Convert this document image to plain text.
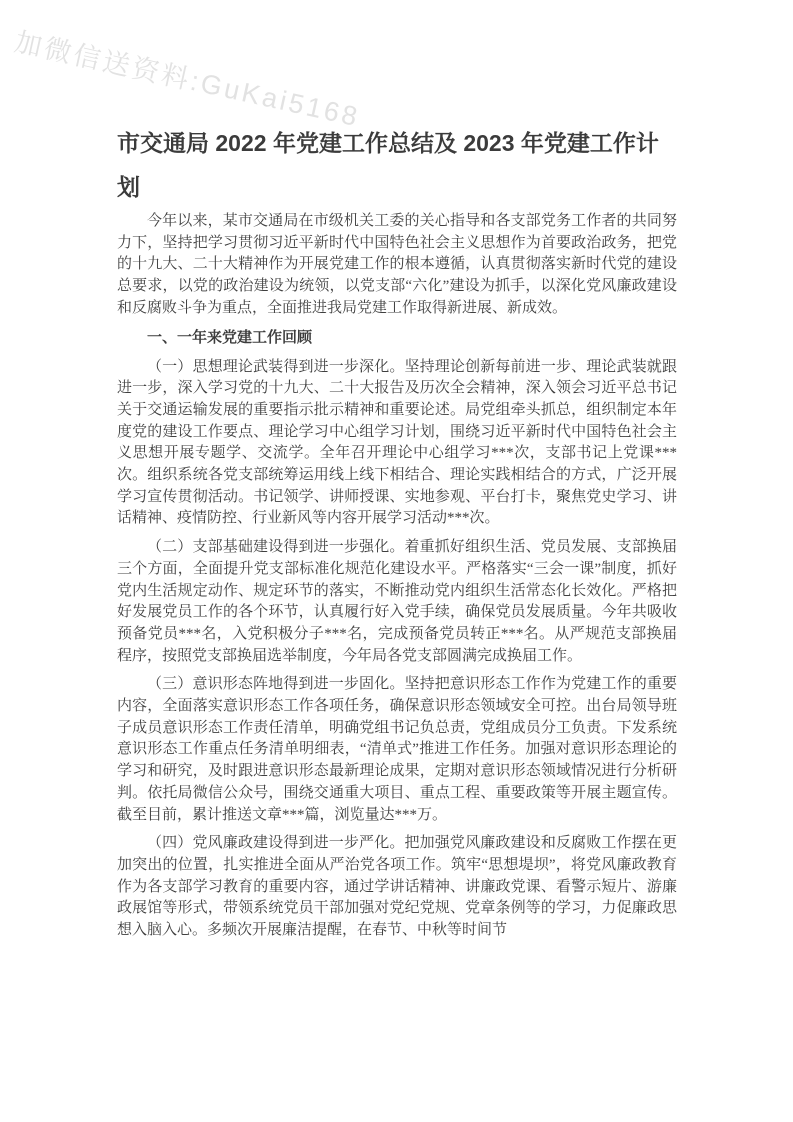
加微信送资料:GuKai5168
市交通局 2022 年党建工作总结及 2023 年党建工作计划

今年以来，某市交通局在市级机关工委的关心指导和各支部党务工作者的共同努力下，坚持把学习贯彻习近平新时代中国特色社会主义思想作为首要政治政务，把党的十九大、二十大精神作为开展党建工作的根本遵循，认真贯彻落实新时代党的建设总要求，以党的政治建设为统领，以党支部“六化”建设为抓手，以深化党风廉政建设和反腐败斗争为重点，全面推进我局党建工作取得新进展、新成效。

一、一年来党建工作回顾

（一）思想理论武装得到进一步深化。坚持理论创新每前进一步、理论武装就跟进一步，深入学习党的十九大、二十大报告及历次全会精神，深入领会习近平总书记关于交通运输发展的重要指示批示精神和重要论述。局党组牵头抓总，组织制定本年度党的建设工作要点、理论学习中心组学习计划，围绕习近平新时代中国特色社会主义思想开展专题学、交流学。全年召开理论中心组学习***次，支部书记上党课***次。组织系统各党支部统筹运用线上线下相结合、理论实践相结合的方式，广泛开展学习宣传贯彻活动。书记领学、讲师授课、实地参观、平台打卡，聚焦党史学习、讲话精神、疫情防控、行业新风等内容开展学习活动***次。

（二）支部基础建设得到进一步强化。着重抓好组织生活、党员发展、支部换届三个方面，全面提升党支部标准化规范化建设水平。严格落实“三会一课”制度，抓好党内生活规定动作、规定环节的落实，不断推动党内组织生活常态化长效化。严格把好发展党员工作的各个环节，认真履行好入党手续，确保党员发展质量。今年共吸收预备党员***名，入党积极分子***名，完成预备党员转正***名。从严规范支部换届程序，按照党支部换届选举制度，今年局各党支部圆满完成换届工作。

（三）意识形态阵地得到进一步固化。坚持把意识形态工作作为党建工作的重要内容，全面落实意识形态工作各项任务，确保意识形态领域安全可控。出台局领导班子成员意识形态工作责任清单，明确党组书记负总责，党组成员分工负责。下发系统意识形态工作重点任务清单明细表，“清单式”推进工作任务。加强对意识形态理论的学习和研究，及时跟进意识形态最新理论成果，定期对意识形态领域情况进行分析研判。依托局微信公众号，围绕交通重大项目、重点工程、重要政策等开展主题宣传。截至目前，累计推送文章***篇，浏览量达***万。

（四）党风廉政建设得到进一步严化。把加强党风廉政建设和反腐败工作摆在更加突出的位置，扎实推进全面从严治党各项工作。筑牢“思想堤坝”，将党风廉政教育作为各支部学习教育的重要内容，通过学讲话精神、讲廉政党课、看警示短片、游廉政展馆等形式，带领系统党员干部加强对党纪党规、党章条例等的学习，力促廉政思想入脑入心。多频次开展廉洁提醒，在春节、中秋等时间节
